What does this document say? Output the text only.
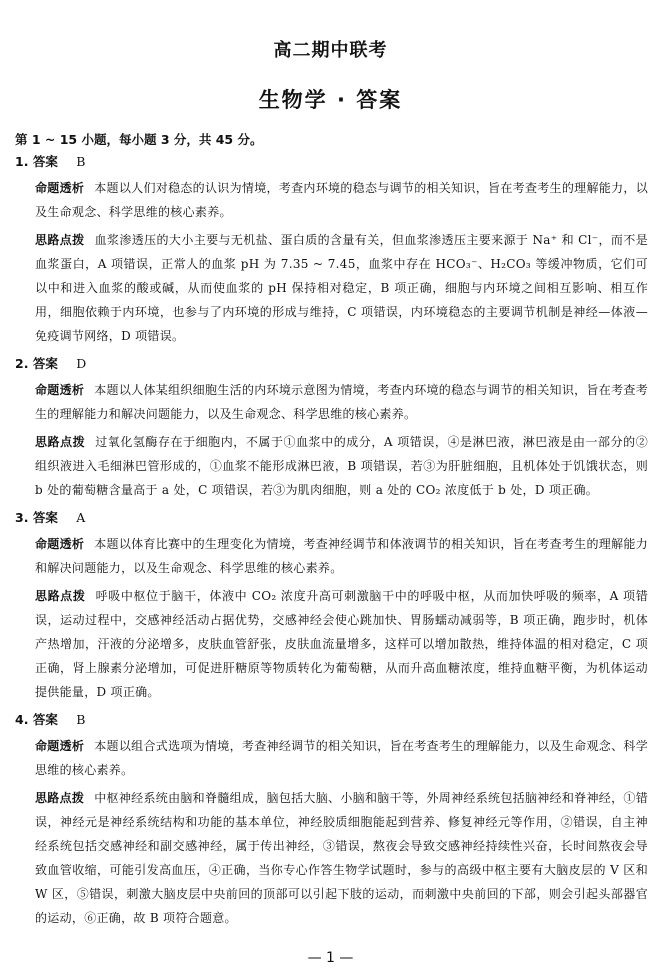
高二期中联考
生物学 · 答案
第 1 ~ 15 小题，每小题 3 分，共 45 分。
1. 答案 B
命题透析 本题以人们对稳态的认识为情境，考查内环境的稳态与调节的相关知识，旨在考查考生的理解能力，以及生命观念、科学思维的核心素养。
思路点拨 血浆渗透压的大小主要与无机盐、蛋白质的含量有关，但血浆渗透压主要来源于 Na⁺ 和 Cl⁻，而不是血浆蛋白，A 项错误，正常人的血浆 pH 为 7.35 ~ 7.45，血浆中存在 HCO₃⁻、H₂CO₃ 等缓冲物质，它们可以中和进入血浆的酸或碱，从而使血浆的 pH 保持相对稳定，B 项正确，细胞与内环境之间相互影响、相互作用，细胞依赖于内环境，也参与了内环境的形成与维持，C 项错误，内环境稳态的主要调节机制是神经—体液—免疫调节网络，D 项错误。
2. 答案 D
命题透析 本题以人体某组织细胞生活的内环境示意图为情境，考查内环境的稳态与调节的相关知识，旨在考查考生的理解能力和解决问题能力，以及生命观念、科学思维的核心素养。
思路点拨 过氧化氢酶存在于细胞内，不属于①血浆中的成分，A 项错误，④是淋巴液，淋巴液是由一部分的②组织液进入毛细淋巴管形成的，①血浆不能形成淋巴液，B 项错误，若③为肝脏细胞，且机体处于饥饿状态，则 b 处的葡萄糖含量高于 a 处，C 项错误，若③为肌肉细胞，则 a 处的 CO₂ 浓度低于 b 处，D 项正确。
3. 答案 A
命题透析 本题以体育比赛中的生理变化为情境，考查神经调节和体液调节的相关知识，旨在考查考生的理解能力和解决问题能力，以及生命观念、科学思维的核心素养。
思路点拨 呼吸中枢位于脑干，体液中 CO₂ 浓度升高可刺激脑干中的呼吸中枢，从而加快呼吸的频率，A 项错误，运动过程中，交感神经活动占据优势，交感神经会使心跳加快、胃肠蠕动减弱等，B 项正确，跑步时，机体产热增加，汗液的分泌增多，皮肤血管舒张，皮肤血流量增多，这样可以增加散热，维持体温的相对稳定，C 项正确，肾上腺素分泌增加，可促进肝糖原等物质转化为葡萄糖，从而升高血糖浓度，维持血糖平衡，为机体运动提供能量，D 项正确。
4. 答案 B
命题透析 本题以组合式选项为情境，考查神经调节的相关知识，旨在考查考生的理解能力，以及生命观念、科学思维的核心素养。
思路点拨 中枢神经系统由脑和脊髓组成，脑包括大脑、小脑和脑干等，外周神经系统包括脑神经和脊神经，①错误，神经元是神经系统结构和功能的基本单位，神经胶质细胞能起到营养、修复神经元等作用，②错误，自主神经系统包括交感神经和副交感神经，属于传出神经，③错误，熬夜会导致交感神经持续性兴奋，长时间熬夜会导致血管收缩，可能引发高血压，④正确，当你专心作答生物学试题时，参与的高级中枢主要有大脑皮层的 V 区和 W 区，⑤错误，刺激大脑皮层中央前回的顶部可以引起下肢的运动，而刺激中央前回的下部，则会引起头部器官的运动，⑥正确，故 B 项符合题意。
— 1 —
